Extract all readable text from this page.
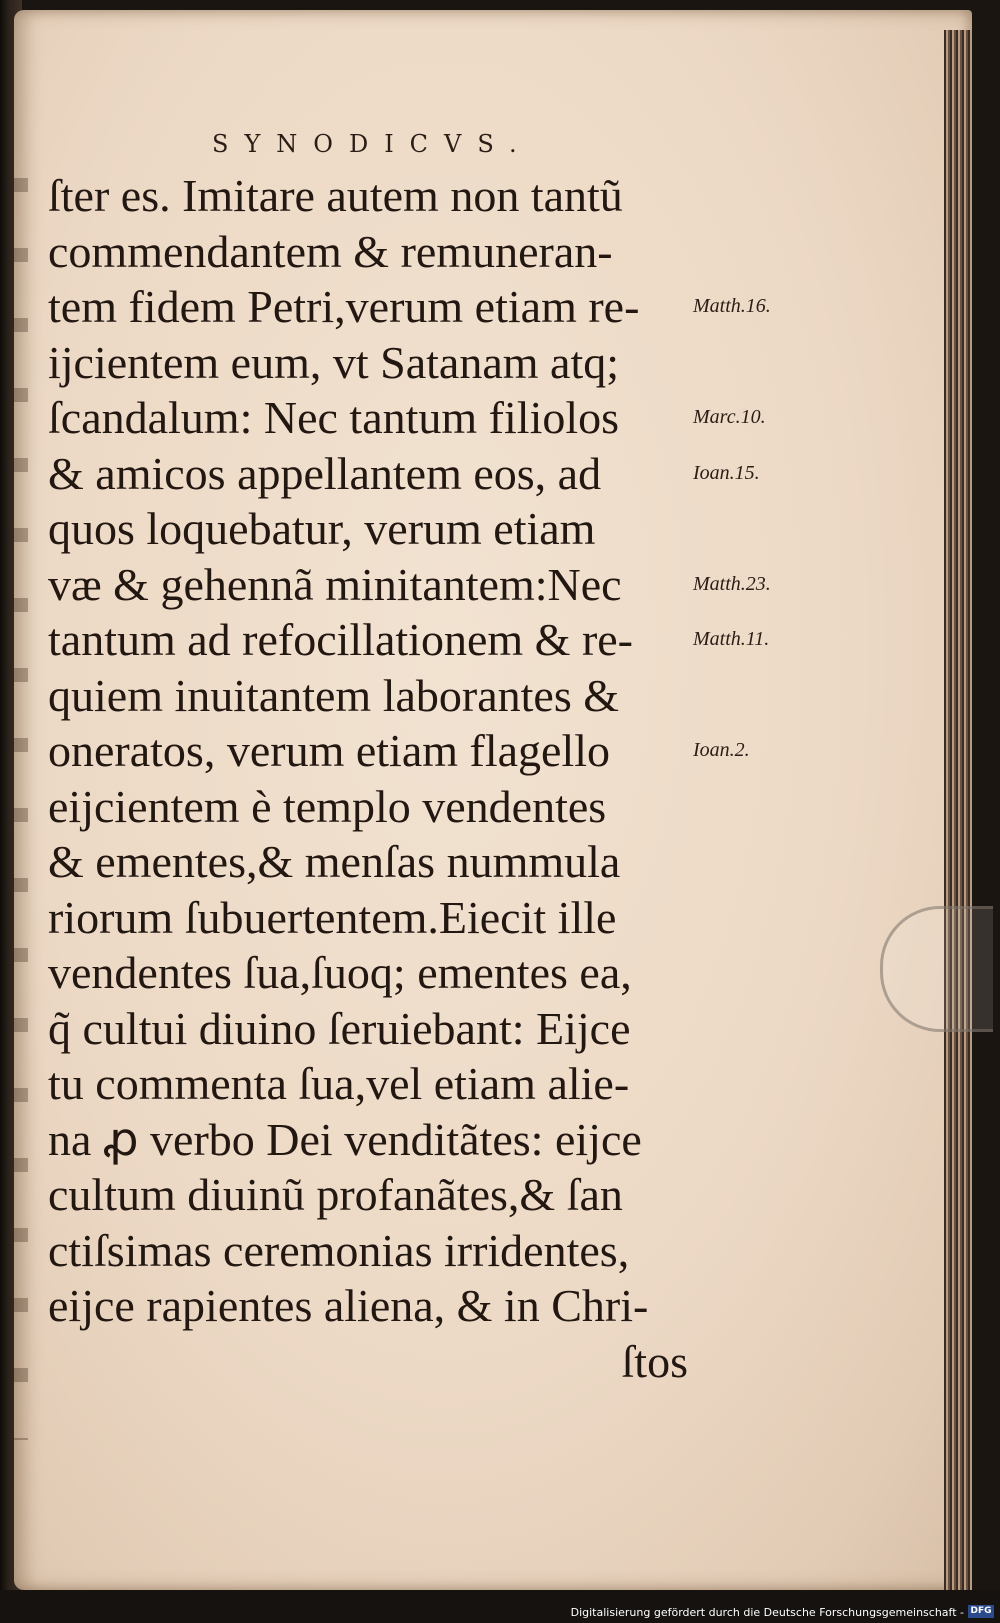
SYNODICVS.
ſter es. Imitare autem non tantũ
commendantem & remuneran-
tem fidem Petri,verum etiam re-
ijcientem eum, vt Satanam atq;
ſcandalum: Nec tantum filiolos
& amicos appellantem eos, ad
quos loquebatur, verum etiam
væ & gehennã minitantem:Nec
tantum ad refocillationem & re-
quiem inuitantem laborantes &
oneratos, verum etiam flagello
eijcientem è templo vendentes
& ementes,& menſas nummula
riorum ſubuertentem.Eiecit ille
vendentes ſua,ſuoq; ementes ea,
q̃ cultui diuino ſeruiebant: Eijce
tu commenta ſua,vel etiam alie-
na ꝓ verbo Dei venditãtes: eijce
cultum diuinũ profanãtes,& ſan
ctiſsimas ceremonias irridentes,
eijce rapientes aliena, & in Chri-
ſtos
Matth.16.
Marc.10.
Ioan.15.
Matth.23.
Matth.11.
Ioan.2.
Digitalisierung gefördert durch die Deutsche Forschungsgemeinschaft - DFG
